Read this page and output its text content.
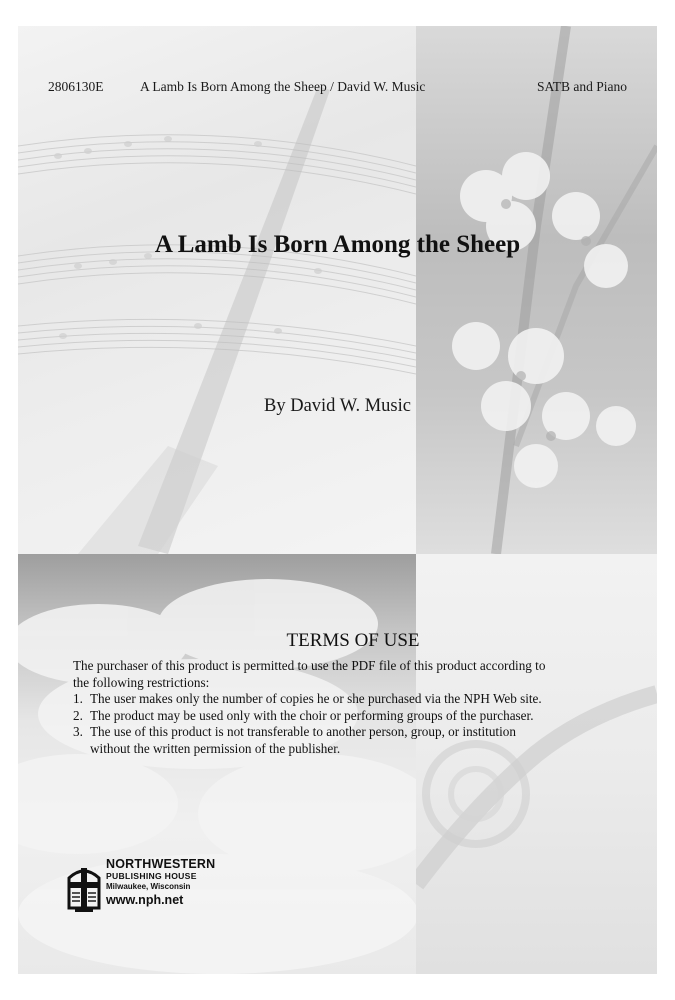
2806130E	A Lamb Is Born Among the Sheep / David W. Music	SATB and Piano
A Lamb Is Born Among the Sheep
By David W. Music
TERMS OF USE

The purchaser of this product is permitted to use the PDF file of this product according to
the following restrictions:

1. The user makes only the number of copies he or she purchased via the NPH Web site.
2. The product may be used only with the choir or performing groups of the purchaser.
3. The use of this product is not transferable to another person, group, or institution
without the written permission of the publisher.
NORTHWESTERN
PUBLISHING HOUSE
Milwaukee, Wisconsin
www.nph.net
